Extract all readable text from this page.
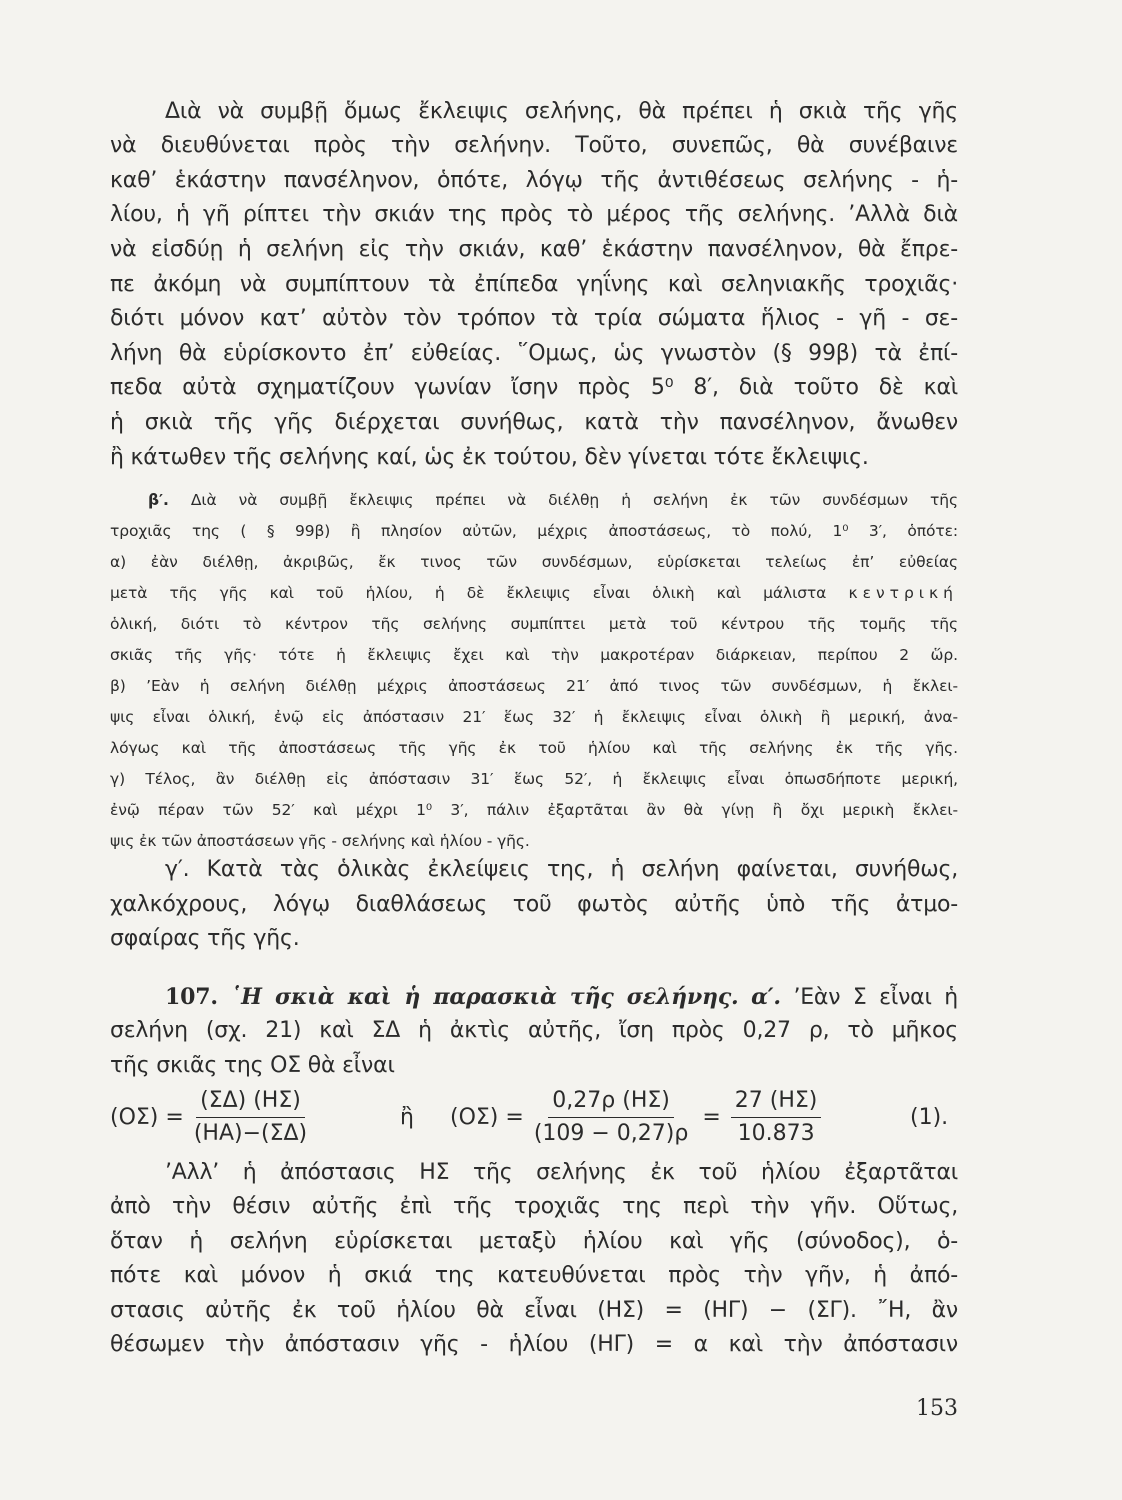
Διὰ νὰ συμβῇ ὅμως ἔκλειψις σελήνης, θὰ πρέπει ἡ σκιὰ τῆς γῆς

νὰ διευθύνεται πρὸς τὴν σελήνην. Τοῦτο, συνεπῶς, θὰ συνέβαινε

καθ’ ἑκάστην πανσέληνον, ὁπότε, λόγῳ τῆς ἀντιθέσεως σελήνης - ἡ-

λίου, ἡ γῆ ρίπτει τὴν σκιάν της πρὸς τὸ μέρος τῆς σελήνης. ’Αλλὰ διὰ

νὰ εἰσδύῃ ἡ σελήνη εἰς τὴν σκιάν, καθ’ ἑκάστην πανσέληνον, θὰ ἔπρε-

πε ἀκόμη νὰ συμπίπτουν τὰ ἐπίπεδα γηΐνης καὶ σεληνιακῆς τροχιᾶς·

διότι μόνον κατ’ αὐτὸν τὸν τρόπον τὰ τρία σώματα ἥλιος - γῆ - σε-

λήνη θὰ εὑρίσκοντο ἐπ’ εὐθείας. ῞Ομως, ὡς γνωστὸν (§ 99β) τὰ ἐπί-

πεδα αὐτὰ σχηματίζουν γωνίαν ἴσην πρὸς 5⁰ 8′, διὰ τοῦτο δὲ καὶ

ἡ σκιὰ τῆς γῆς διέρχεται συνήθως, κατὰ τὴν πανσέληνον, ἄνωθεν

ἢ κάτωθεν τῆς σελήνης καί, ὡς ἐκ τούτου, δὲν γίνεται τότε ἔκλειψις.

β′. Διὰ νὰ συμβῇ ἔκλειψις πρέπει νὰ διέλθῃ ἡ σελήνη ἐκ τῶν συνδέσμων τῆς

τροχιᾶς της ( § 99β) ἢ πλησίον αὐτῶν, μέχρις ἀποστάσεως, τὸ πολύ, 1⁰ 3′, ὁπότε:

α) ἐὰν διέλθῃ, ἀκριβῶς, ἔκ τινος τῶν συνδέσμων, εὑρίσκεται τελείως ἐπ’ εὐθείας

μετὰ τῆς γῆς καὶ τοῦ ἡλίου, ἡ δὲ ἔκλειψις εἶναι ὁλικὴ καὶ μάλιστα κεντρική

ὁλική, διότι τὸ κέντρον τῆς σελήνης συμπίπτει μετὰ τοῦ κέντρου τῆς τομῆς τῆς

σκιᾶς τῆς γῆς· τότε ἡ ἔκλειψις ἔχει καὶ τὴν μακροτέραν διάρκειαν, περίπου 2 ὥρ.

β) ’Εὰν ἡ σελήνη διέλθῃ μέχρις ἀποστάσεως 21′ ἀπό τινος τῶν συνδέσμων, ἡ ἔκλει-

ψις εἶναι ὁλική, ἐνῷ εἰς ἀπόστασιν 21′ ἕως 32′ ἡ ἔκλειψις εἶναι ὁλικὴ ἢ μερική, ἀνα-

λόγως καὶ τῆς ἀποστάσεως τῆς γῆς ἐκ τοῦ ἡλίου καὶ τῆς σελήνης ἐκ τῆς γῆς.

γ) Τέλος, ἂν διέλθῃ εἰς ἀπόστασιν 31′ ἕως 52′, ἡ ἔκλειψις εἶναι ὁπωσδήποτε μερική,

ἐνῷ πέραν τῶν 52′ καὶ μέχρι 1⁰ 3′, πάλιν ἐξαρτᾶται ἂν θὰ γίνῃ ἢ ὄχι μερικὴ ἔκλει-

ψις ἐκ τῶν ἀποστάσεων γῆς - σελήνης καὶ ἡλίου - γῆς.

γ′. Κατὰ τὰς ὁλικὰς ἐκλείψεις της, ἡ σελήνη φαίνεται, συνήθως,

χαλκόχρους, λόγῳ διαθλάσεως τοῦ φωτὸς αὐτῆς ὑπὸ τῆς ἀτμο-

σφαίρας τῆς γῆς.

107. ῾Η σκιὰ καὶ ἡ παρασκιὰ τῆς σελήνης. α′. ’Εὰν Σ εἶναι ἡ

σελήνη (σχ. 21) καὶ ΣΔ ἡ ἀκτὶς αὐτῆς, ἴση πρὸς 0,27 ρ, τὸ μῆκος

τῆς σκιᾶς της ΟΣ θὰ εἶναι

$(O\Sigma) = \frac{(\Sigma\Delta) (H\Sigma)}{(HA)-(\Sigma\Delta)}$	ἢ $(O\Sigma) = \frac{0,27\rho (H\Sigma)}{(109 - 0,27)\rho} = \frac{27 (H\Sigma)}{10.873}$	(1).

’Αλλ’ ἡ ἀπόστασις ΗΣ τῆς σελήνης ἐκ τοῦ ἡλίου ἐξαρτᾶται

ἀπὸ τὴν θέσιν αὐτῆς ἐπὶ τῆς τροχιᾶς της περὶ τὴν γῆν. Οὕτως,

ὅταν ἡ σελήνη εὑρίσκεται μεταξὺ ἡλίου καὶ γῆς (σύνοδος), ὁ-

πότε καὶ μόνον ἡ σκιά της κατευθύνεται πρὸς τὴν γῆν, ἡ ἀπό-

στασις αὐτῆς ἐκ τοῦ ἡλίου θὰ εἶναι (ΗΣ) = (ΗΓ) − (ΣΓ). ῎Η, ἂν

θέσωμεν τὴν ἀπόστασιν γῆς - ἡλίου (ΗΓ) = α καὶ τὴν ἀπόστασιν

153
